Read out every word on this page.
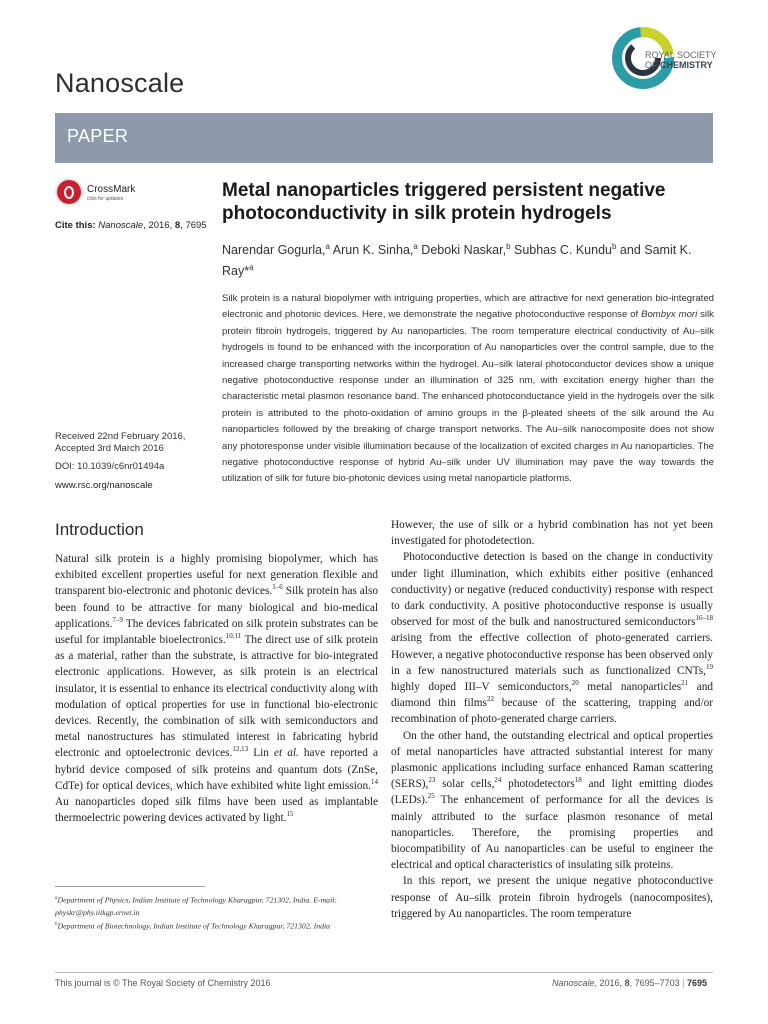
Nanoscale
ROYAL SOCIETY
OF CHEMISTRY
PAPER
CrossMark
click for updates
Cite this: Nanoscale, 2016, 8, 7695
Metal nanoparticles triggered persistent negative photoconductivity in silk protein hydrogels
Narendar Gogurla,$^a$ Arun K. Sinha,$^a$ Deboki Naskar,$^b$ Subhas C. Kundu$^b$ and Samit K. Ray*$^a$
Silk protein is a natural biopolymer with intriguing properties, which are attractive for next generation bio-integrated electronic and photonic devices. Here, we demonstrate the negative photoconductive response of Bombyx mori silk protein fibroin hydrogels, triggered by Au nanoparticles. The room temperature electrical conductivity of Au–silk hydrogels is found to be enhanced with the incorporation of Au nanoparticles over the control sample, due to the increased charge transporting networks within the hydrogel. Au–silk lateral photoconductor devices show a unique negative photoconductive response under an illumination of 325 nm, with excitation energy higher than the characteristic metal plasmon resonance band. The enhanced photoconductance yield in the hydrogels over the silk protein is attributed to the photo-oxidation of amino groups in the β-pleated sheets of the silk around the Au nanoparticles followed by the breaking of charge transport networks. The Au–silk nanocomposite does not show any photoresponse under visible illumination because of the localization of excited charges in Au nanoparticles. The negative photoconductive response of hybrid Au–silk under UV illumination may pave the way towards the utilization of silk for future bio-photonic devices using metal nanoparticle platforms.
Received 22nd February 2016,
Accepted 3rd March 2016
DOI: 10.1039/c6nr01494a
www.rsc.org/nanoscale
Introduction

Natural silk protein is a highly promising biopolymer, which has exhibited excellent properties useful for next generation flexible and transparent bio-electronic and photonic devices.$^{1-6}$ Silk protein has also been found to be attractive for many biological and bio-medical applications.$^{7-9}$ The devices fabricated on silk protein substrates can be useful for implantable bioelectronics.$^{10,11}$ The direct use of silk protein as a material, rather than the substrate, is attractive for bio-integrated electronic applications. However, as silk protein is an electrical insulator, it is essential to enhance its electrical conductivity along with modulation of optical properties for use in functional bio-electronic devices. Recently, the combination of silk with semiconductors and metal nanostructures has stimulated interest in fabricating hybrid electronic and optoelectronic devices.$^{12,13}$ Lin et al. have reported a hybrid device composed of silk proteins and quantum dots (ZnSe, CdTe) for optical devices, which have exhibited white light emission.$^{14}$ Au nanoparticles doped silk films have been used as implantable thermoelectric powering devices activated by light.$^{15}$

However, the use of silk or a hybrid combination has not yet been investigated for photodetection.

Photoconductive detection is based on the change in conductivity under light illumination, which exhibits either positive (enhanced conductivity) or negative (reduced conductivity) response with respect to dark conductivity. A positive photoconductive response is usually observed for most of the bulk and nanostructured semiconductors$^{16-18}$ arising from the effective collection of photo-generated carriers. However, a negative photoconductive response has been observed only in a few nanostructured materials such as functionalized CNTs,$^{19}$ highly doped III–V semiconductors,$^{20}$ metal nanoparticles$^{21}$ and diamond thin films$^{22}$ because of the scattering, trapping and/or recombination of photo-generated charge carriers.

On the other hand, the outstanding electrical and optical properties of metal nanoparticles have attracted substantial interest for many plasmonic applications including surface enhanced Raman scattering (SERS),$^{23}$ solar cells,$^{24}$ photodetectors$^{18}$ and light emitting diodes (LEDs).$^{25}$ The enhancement of performance for all the devices is mainly attributed to the surface plasmon resonance of metal nanoparticles. Therefore, the promising properties and biocompatibility of Au nanoparticles can be useful to engineer the electrical and optical characteristics of insulating silk proteins.

In this report, we present the unique negative photoconductive response of Au–silk protein fibroin hydrogels (nanocomposites), triggered by Au nanoparticles. The room temperature

$^a$Department of Physics, Indian Institute of Technology Kharagpur, 721302, India. E-mail: physkr@phy.iitkgp.ernet.in
$^b$Department of Biotechnology, Indian Institute of Technology Kharagpur, 721302, India
This journal is © The Royal Society of Chemistry 2016	Nanoscale, 2016, 8, 7695–7703 | 7695
